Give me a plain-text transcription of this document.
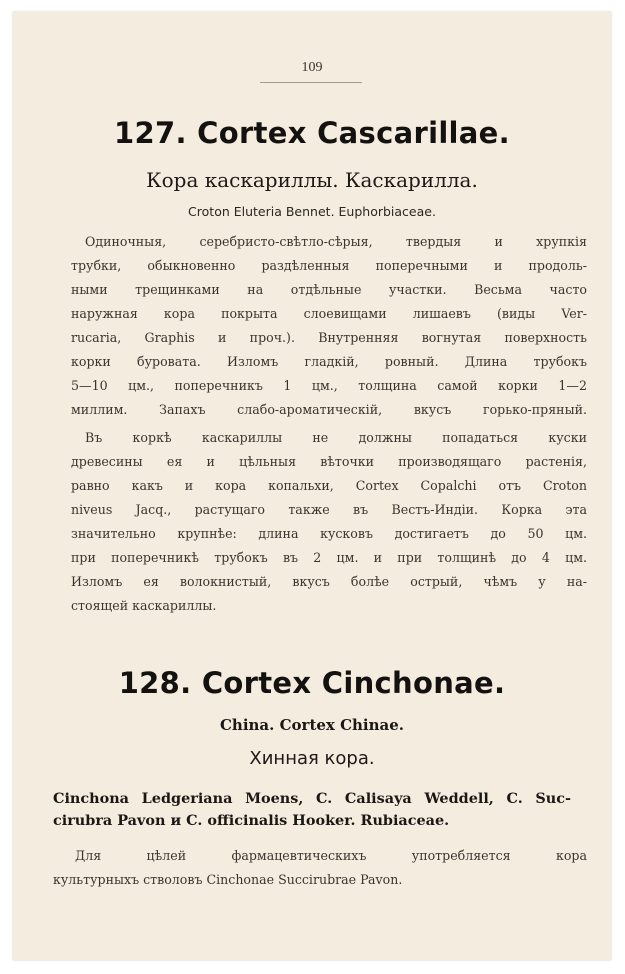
109
127. Cortex Cascarillae.
Кора каскариллы. Каскарилла.
Croton Eluteria Bennet. Euphorbiaceae.
Одиночныя, серебристо-свѣтло-сѣрыя, твердыя и хрупкія
трубки, обыкновенно раздѣленныя поперечными и продоль-
ными трещинками на отдѣльные участки. Весьма часто
наружная кора покрыта слоевищами лишаевъ (виды Ver-
rucaria, Graphis и проч.). Внутренняя вогнутая поверхность
корки буровата. Изломъ гладкій, ровный. Длина трубокъ
5—10 цм., поперечникъ 1 цм., толщина самой корки 1—2
миллим. Запахъ слабо-ароматическій, вкусъ горько-пряный.
Въ коркѣ каскариллы не должны попадаться куски
древесины ея и цѣльныя вѣточки производящаго растенія,
равно какъ и кора копальхи, Cortex Copalchi отъ Croton
niveus Jacq., растущаго также въ Вестъ-Индіи. Корка эта
значительно крупнѣе: длина кусковъ достигаетъ до 50 цм.
при поперечникѣ трубокъ въ 2 цм. и при толщинѣ до 4 цм.
Изломъ ея волокнистый, вкусъ болѣе острый, чѣмъ у на-
стоящей каскариллы.
128. Cortex Cinchonae.
China. Cortex Chinae.
Хинная кора.
Cinchona Ledgeriana Moens, C. Calisaya Weddell, C. Suc-
cirubra Pavon и C. officinalis Hooker. Rubiaceae.
Для цѣлей фармацевтическихъ употребляется кора
культурныхъ стволовъ Cinchonae Succirubrae Pavon.
